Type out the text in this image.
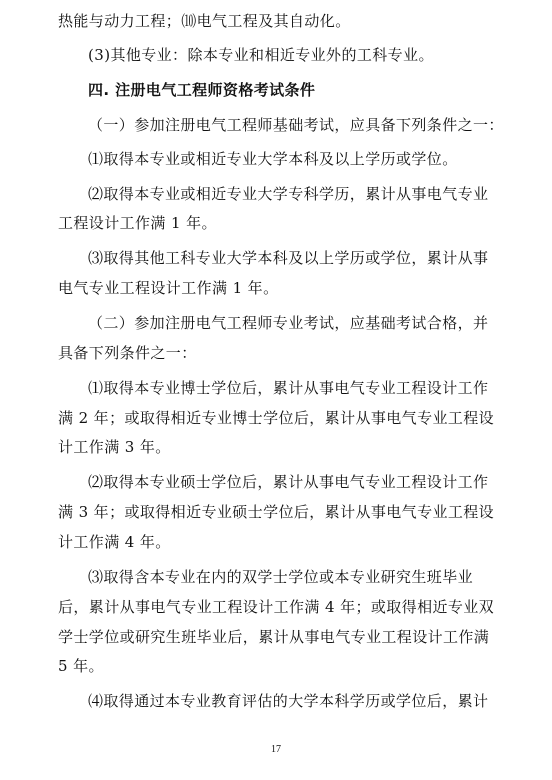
热能与动力工程；⑽电气工程及其自动化。
(3)其他专业：除本专业和相近专业外的工科专业。
四. 注册电气工程师资格考试条件
（一）参加注册电气工程师基础考试，应具备下列条件之一：
⑴取得本专业或相近专业大学本科及以上学历或学位。
⑵取得本专业或相近专业大学专科学历，累计从事电气专业
工程设计工作满 1 年。
⑶取得其他工科专业大学本科及以上学历或学位，累计从事
电气专业工程设计工作满 1 年。
（二）参加注册电气工程师专业考试，应基础考试合格，并
具备下列条件之一：
⑴取得本专业博士学位后，累计从事电气专业工程设计工作
满 2 年；或取得相近专业博士学位后，累计从事电气专业工程设
计工作满 3 年。
⑵取得本专业硕士学位后，累计从事电气专业工程设计工作
满 3 年；或取得相近专业硕士学位后，累计从事电气专业工程设
计工作满 4 年。
⑶取得含本专业在内的双学士学位或本专业研究生班毕业
后，累计从事电气专业工程设计工作满 4 年；或取得相近专业双
学士学位或研究生班毕业后，累计从事电气专业工程设计工作满
5 年。
⑷取得通过本专业教育评估的大学本科学历或学位后，累计
17
